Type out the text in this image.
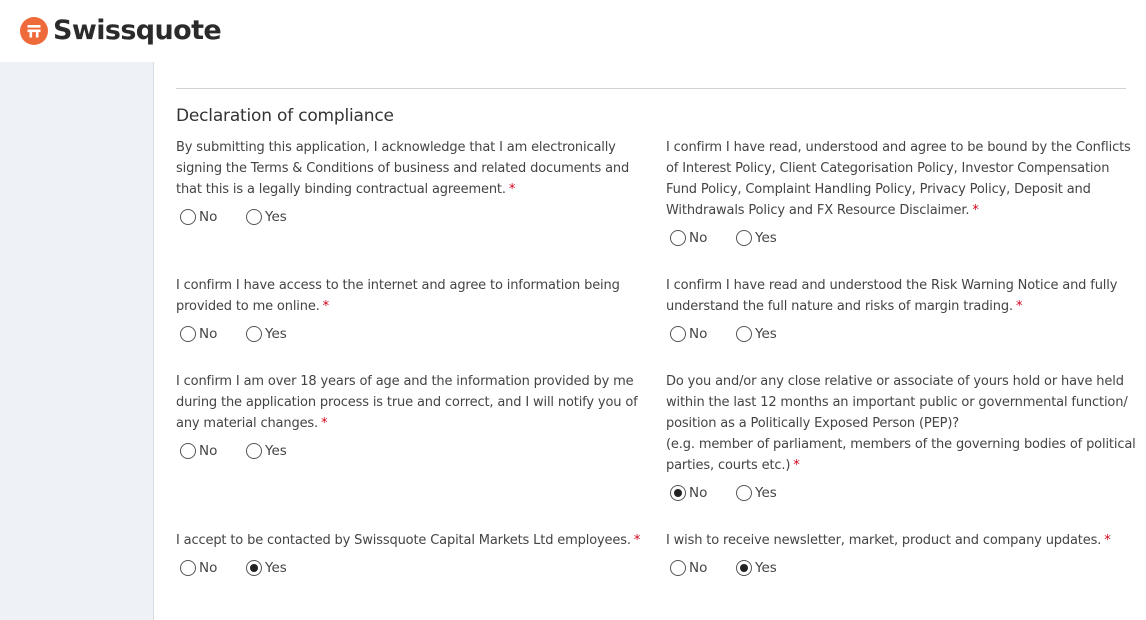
Swissquote
Declaration of compliance
By submitting this application, I acknowledge that I am electronically
signing the Terms & Conditions of business and related documents and
that this is a legally binding contractual agreement. *
No	Yes
I confirm I have read, understood and agree to be bound by the Conflicts
of Interest Policy, Client Categorisation Policy, Investor Compensation
Fund Policy, Complaint Handling Policy, Privacy Policy, Deposit and
Withdrawals Policy and FX Resource Disclaimer. *
No	Yes
I confirm I have access to the internet and agree to information being
provided to me online. *
No	Yes
I confirm I have read and understood the Risk Warning Notice and fully
understand the full nature and risks of margin trading. *
No	Yes
I confirm I am over 18 years of age and the information provided by me
during the application process is true and correct, and I will notify you of
any material changes. *
No	Yes
Do you and/or any close relative or associate of yours hold or have held
within the last 12 months an important public or governmental function/
position as a Politically Exposed Person (PEP)?
(e.g. member of parliament, members of the governing bodies of political
parties, courts etc.) *
No	Yes
I accept to be contacted by Swissquote Capital Markets Ltd employees. *
No	Yes
I wish to receive newsletter, market, product and company updates. *
No	Yes
